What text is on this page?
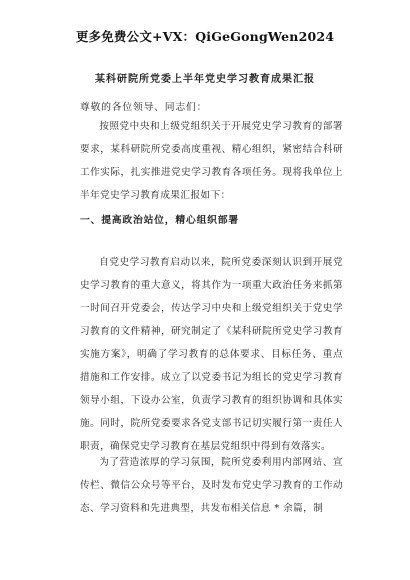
更多免费公文+VX：QiGeGongWen2024
某科研院所党委上半年党史学习教育成果汇报
尊敬的各位领导、同志们：

按照党中央和上级党组织关于开展党史学习教育的部署要求，某科研院所党委高度重视、精心组织，紧密结合科研工作实际，扎实推进党史学习教育各项任务。现将我单位上半年党史学习教育成果汇报如下：

一、提高政治站位，精心组织部署

自党史学习教育启动以来，院所党委深刻认识到开展党史学习教育的重大意义，将其作为一项重大政治任务来抓第一时间召开党委会，传达学习中央和上级党组织关于党史学习教育的文件精神，研究制定了《某科研院所党史学习教育实施方案》，明确了学习教育的总体要求、目标任务、重点措施和工作安排。成立了以党委书记为组长的党史学习教育领导小组，下设办公室，负责学习教育的组织协调和具体实施。同时，院所党委要求各党支部书记切实履行第一责任人职责，确保党史学习教育在基层党组织中得到有效落实。

为了营造浓厚的学习氛围，院所党委利用内部网站、宣传栏、微信公众号等平台，及时发布党史学习教育的工作动态、学习资料和先进典型，共发布相关信息 * 余篇，制
